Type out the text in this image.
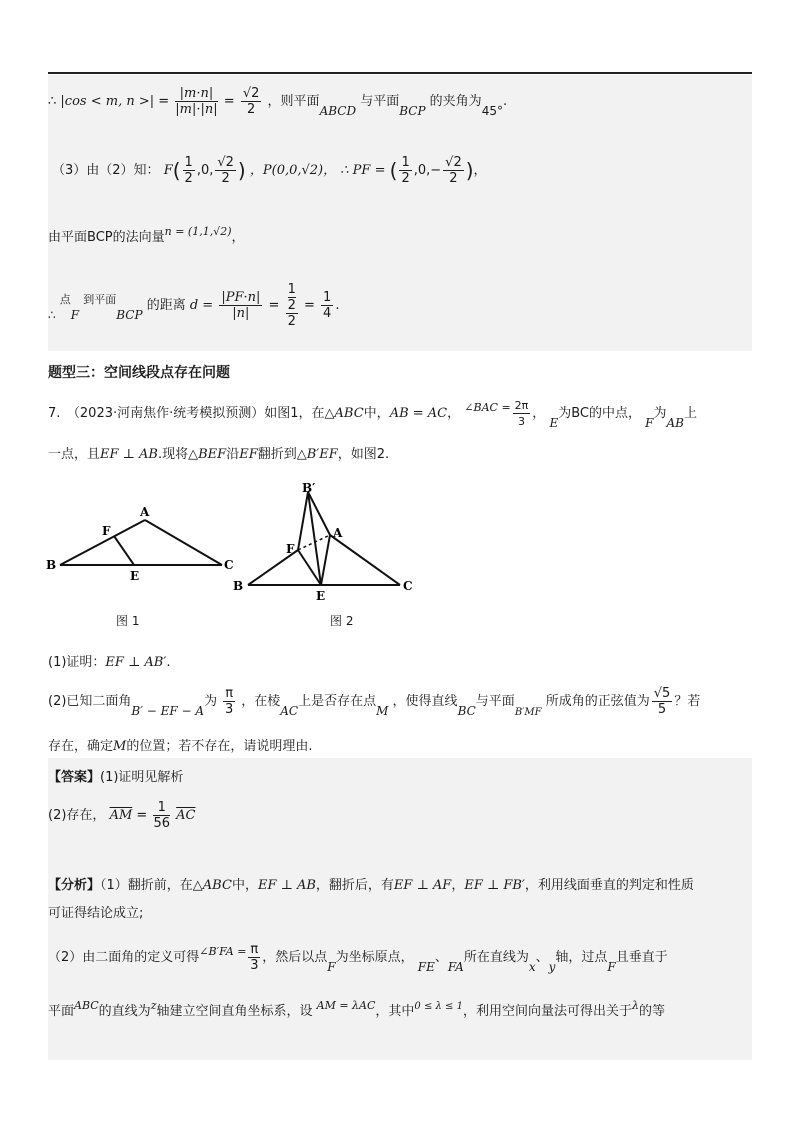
∴ |cos < m, n >| = $\frac{|m\cdot n|}{|m|\cdot|n|} = \frac{√2}{2}$ ，则平面ABCD 与平面BCP 的夹角为45°.
（3）由（2）知： $F( \frac{1}{2} ,0$, $\frac{√2}{2}$ ) ，P(0,0,√2)， ∴ PF = ( $\frac{1}{2} ,0,- \frac{√2}{2}$ )，
由平面BCP的法向量$^{n = (1,1,√2)}$，
∴ $^点$F $^{到平面}$BCP 的距离 $d = \frac{|PF\cdot n|}{|n|} = 1$
2
$2 = \frac{1}{4}$ .
题型三：空间线段点存在问题
7.　（2023·河南焦作·统考模拟预测）如图1，在△ABC中，AB = AC， $^{\angle BAC =} \frac{2\pi}{3}$ ， E为BC的中点， F为AB上
一点，且EF ⊥ AB.现将△BEF沿EF翻折到△B′EF，如图2.
A
B	C
E
F
图 1
B′
A
B	C
E
F
图 2
(1)证明：EF ⊥ AB′.
(2)已知二面角B′ − EF − A为 $\frac{\pi}{3}$ ，在棱AC上是否存在点M ，使得直线BC与平面$_{B'MF}$ 所成角的正弦值为 $\frac{√5}{5}$ ？若
存在，确定M的位置；若不存在，请说明理由.
【答案】(1)证明见解析
(2)存在， $\overline{AM} = \frac{1}{56} \overline{AC}$
【分析】（1）翻折前，在△ABC中，EF ⊥ AB，翻折后，有EF ⊥ AF，EF ⊥ FB′，利用线面垂直的判定和性质
可证得结论成立;
（2）由二面角的定义可得$^{\angle B'FA =} \frac{\pi}{3}$ ，然后以点F为坐标原点， FE、FA所在直线为x、y轴，过点F且垂直于
平面$^{ABC}$的直线为$^z$轴建立空间直角坐标系，设 $^{AM = \lambda AC}$，其中$^{0 \le \lambda \le 1}$，利用空间向量法可得出关于$^\lambda$的等
